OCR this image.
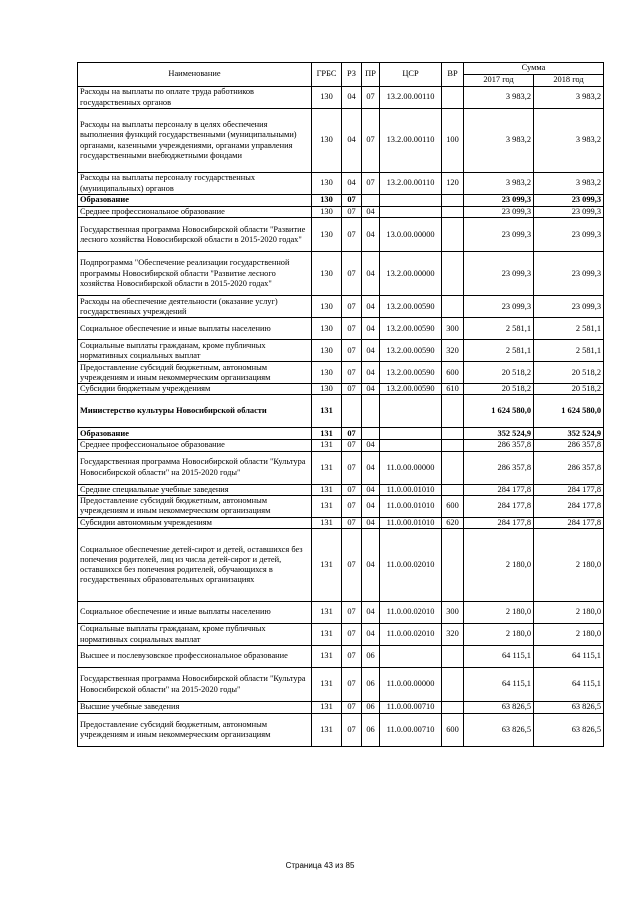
Наименование	ГРБС	РЗ	ПР	ЦСР	ВР	Сумма	
						2017 год	2018 год
Расходы на выплаты по оплате труда работников государственных органов	130	04	07	13.2.00.00110		3 983,2	3 983,2
Расходы на выплаты персоналу в целях обеспечения выполнения функций государственными (муниципальными) органами, казенными учреждениями, органами управления государственными внебюджетными фондами	130	04	07	13.2.00.00110	100	3 983,2	3 983,2
Расходы на выплаты персоналу государственных (муниципальных) органов	130	04	07	13.2.00.00110	120	3 983,2	3 983,2
Образование	130	07				23 099,3	23 099,3
Среднее профессиональное образование	130	07	04			23 099,3	23 099,3
Государственная программа Новосибирской области "Развитие лесного хозяйства Новосибирской области в 2015-2020 годах"	130	07	04	13.0.00.00000		23 099,3	23 099,3
Подпрограмма "Обеспечение реализации государственной программы Новосибирской области "Развитие лесного хозяйства Новосибирской области в 2015-2020 годах"	130	07	04	13.2.00.00000		23 099,3	23 099,3
Расходы на обеспечение деятельности (оказание услуг) государственных учреждений	130	07	04	13.2.00.00590		23 099,3	23 099,3
Социальное обеспечение и иные выплаты населению	130	07	04	13.2.00.00590	300	2 581,1	2 581,1
Социальные выплаты гражданам, кроме публичных нормативных социальных выплат	130	07	04	13.2.00.00590	320	2 581,1	2 581,1
Предоставление субсидий бюджетным, автономным учреждениям и иным некоммерческим организациям	130	07	04	13.2.00.00590	600	20 518,2	20 518,2
Субсидии бюджетным учреждениям	130	07	04	13.2.00.00590	610	20 518,2	20 518,2
Министерство культуры Новосибирской области	131					1 624 580,0	1 624 580,0
Образование	131	07				352 524,9	352 524,9
Среднее профессиональное образование	131	07	04			286 357,8	286 357,8
Государственная программа Новосибирской области "Культура Новосибирской области" на 2015-2020 годы"	131	07	04	11.0.00.00000		286 357,8	286 357,8
Средние специальные учебные заведения	131	07	04	11.0.00.01010		284 177,8	284 177,8
Предоставление субсидий бюджетным, автономным учреждениям и иным некоммерческим организациям	131	07	04	11.0.00.01010	600	284 177,8	284 177,8
Субсидии автономным учреждениям	131	07	04	11.0.00.01010	620	284 177,8	284 177,8
Социальное обеспечение детей-сирот и детей, оставшихся без попечения родителей, лиц из числа детей-сирот и детей, оставшихся без попечения родителей, обучающихся в государственных образовательных организациях	131	07	04	11.0.00.02010		2 180,0	2 180,0
Социальное обеспечение и иные выплаты населению	131	07	04	11.0.00.02010	300	2 180,0	2 180,0
Социальные выплаты гражданам, кроме публичных нормативных социальных выплат	131	07	04	11.0.00.02010	320	2 180,0	2 180,0
Высшее и послевузовское профессиональное образование	131	07	06			64 115,1	64 115,1
Государственная программа Новосибирской области "Культура Новосибирской области" на 2015-2020 годы"	131	07	06	11.0.00.00000		64 115,1	64 115,1
Высшие учебные заведения	131	07	06	11.0.00.00710		63 826,5	63 826,5
Предоставление субсидий бюджетным, автономным учреждениям и иным некоммерческим организациям	131	07	06	11.0.00.00710	600	63 826,5	63 826,5
Страница 43 из 85
